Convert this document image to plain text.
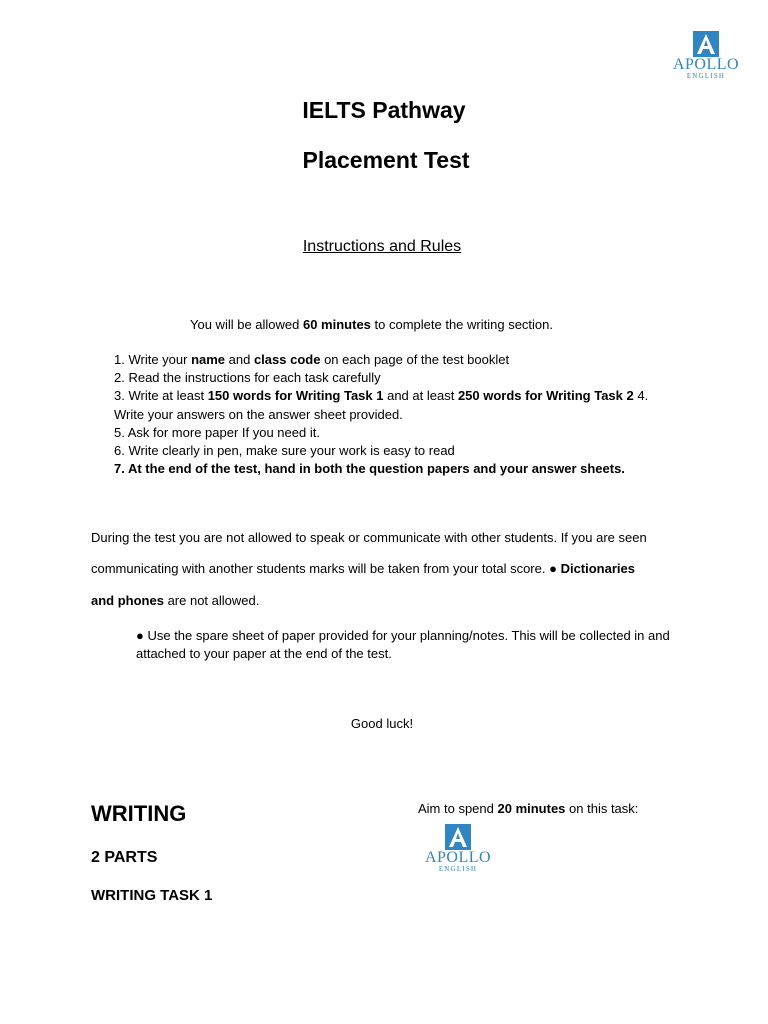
APOLLO
ENGLISH
IELTS Pathway
Placement Test
Instructions and Rules
You will be allowed 60 minutes to complete the writing section.
1. Write your name and class code on each page of the test booklet
2. Read the instructions for each task carefully
3. Write at least 150 words for Writing Task 1 and at least 250 words for Writing Task 2 4.
Write your answers on the answer sheet provided.
5. Ask for more paper If you need it.
6. Write clearly in pen, make sure your work is easy to read
7. At the end of the test, hand in both the question papers and your answer sheets.
During the test you are not allowed to speak or communicate with other students. If you are seen
communicating with another students marks will be taken from your total score. ● Dictionaries
and phones are not allowed.
● Use the spare sheet of paper provided for your planning/notes. This will be collected in and
attached to your paper at the end of the test.
Good luck!
WRITING
2 PARTS
WRITING TASK 1
Aim to spend 20 minutes on this task:
APOLLO
ENGLISH
